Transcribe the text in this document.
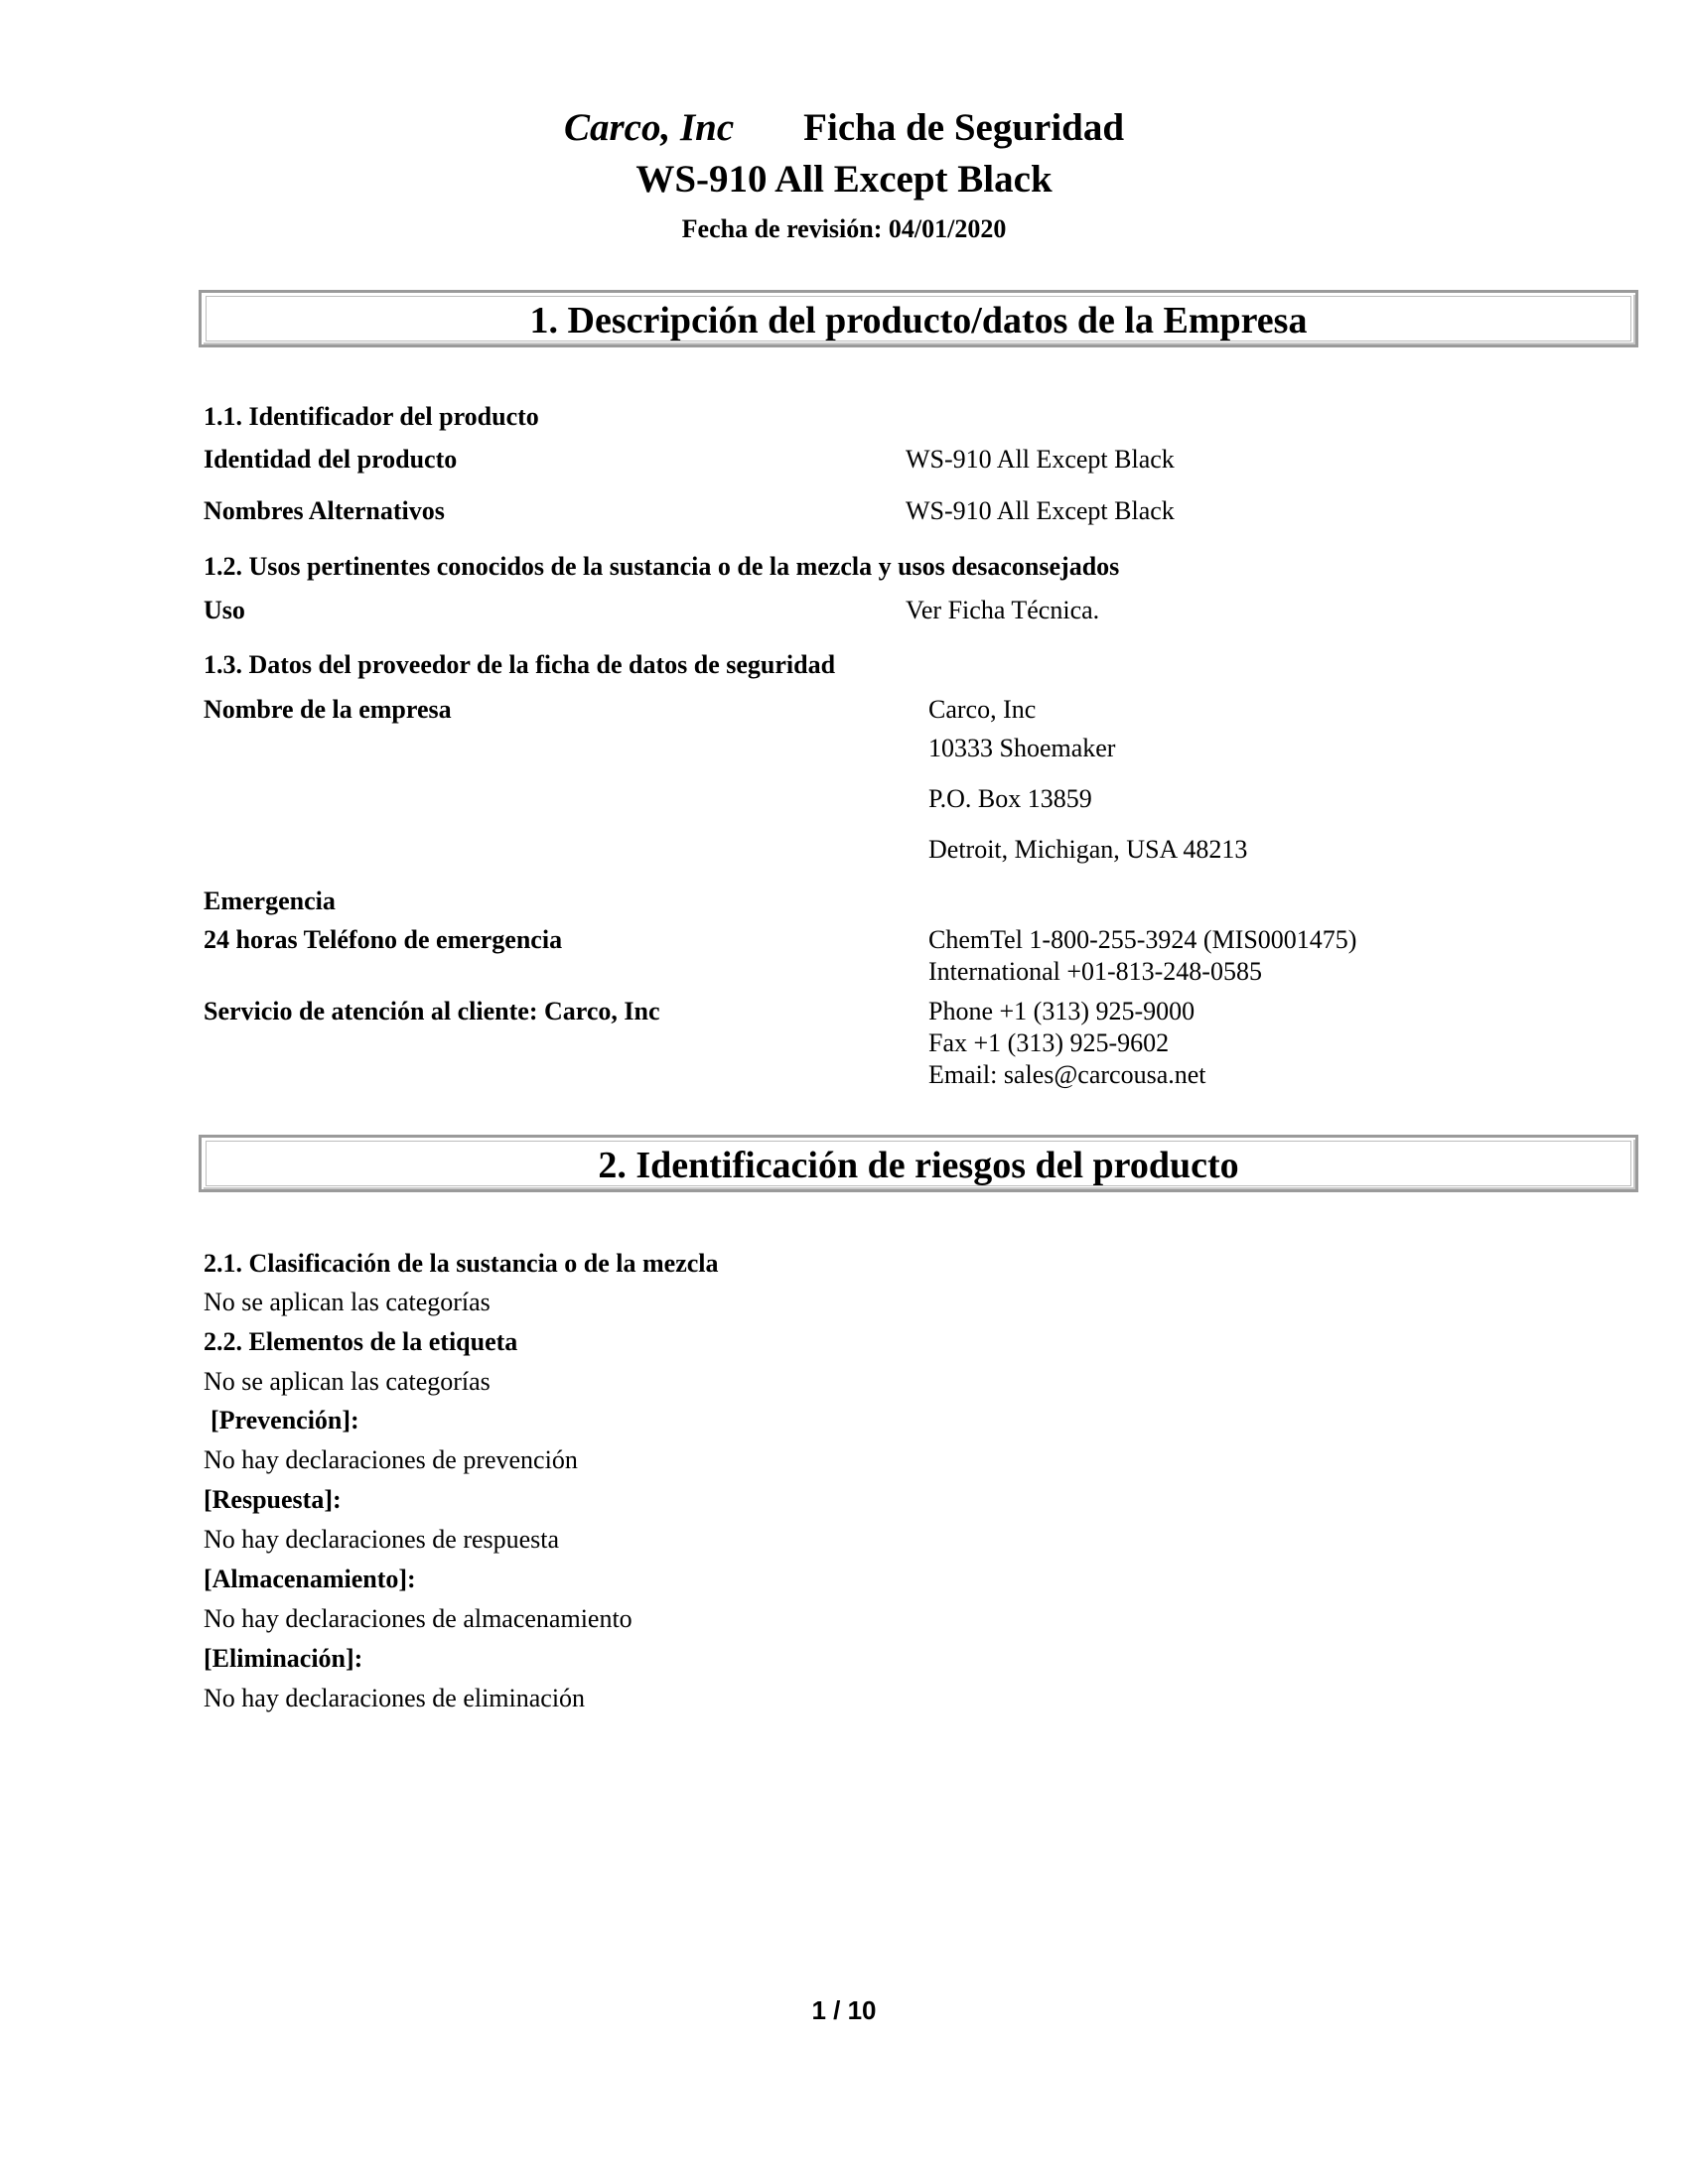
Carco, Inc Ficha de Seguridad
WS-910 All Except Black
Fecha de revisión: 04/01/2020
1. Descripción del producto/datos de la Empresa
1.1. Identificador del producto
Identidad del producto	WS-910 All Except Black
Nombres Alternativos	WS-910 All Except Black
1.2. Usos pertinentes conocidos de la sustancia o de la mezcla y usos desaconsejados
Uso	Ver Ficha Técnica.
1.3. Datos del proveedor de la ficha de datos de seguridad
Nombre de la empresa	Carco, Inc
10333 Shoemaker
P.O. Box 13859
Detroit, Michigan, USA 48213
Emergencia
24 horas Teléfono de emergencia	ChemTel 1-800-255-3924 (MIS0001475)
International +01-813-248-0585
Servicio de atención al cliente: Carco, Inc	Phone +1 (313) 925-9000
Fax +1 (313) 925-9602
Email: sales@carcousa.net
2. Identificación de riesgos del producto
2.1. Clasificación de la sustancia o de la mezcla
No se aplican las categorías
2.2. Elementos de la etiqueta
No se aplican las categorías
[Prevención]:
No hay declaraciones de prevención
[Respuesta]:
No hay declaraciones de respuesta
[Almacenamiento]:
No hay declaraciones de almacenamiento
[Eliminación]:
No hay declaraciones de eliminación
1 / 10
